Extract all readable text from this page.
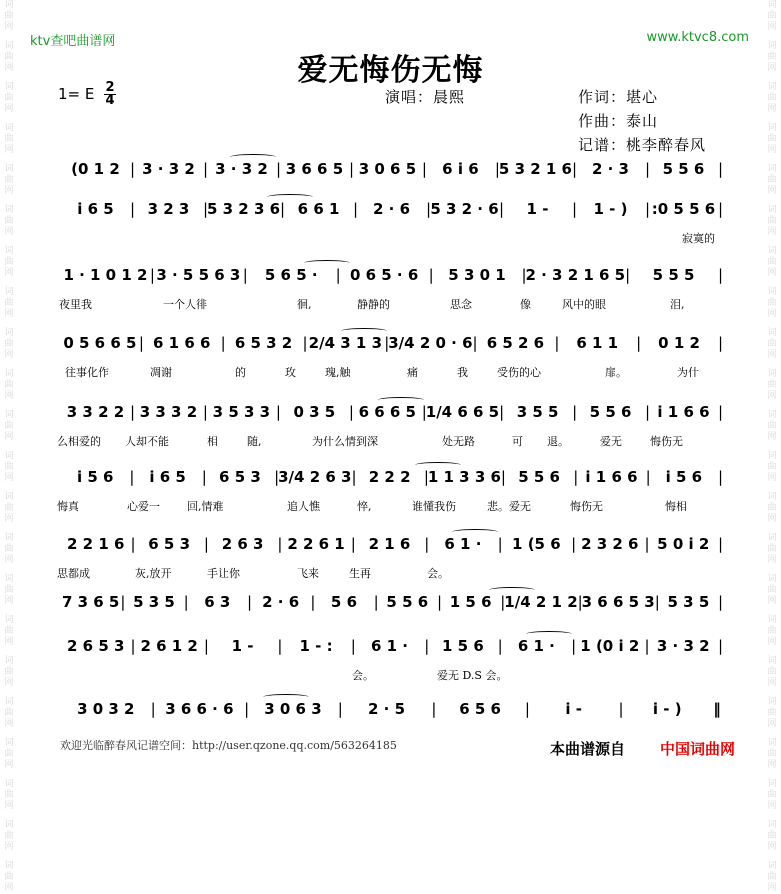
词曲网
词曲网
词曲网
词曲网
词曲网
词曲网
词曲网
词曲网
词曲网
词曲网
词曲网
词曲网
词曲网
词曲网
词曲网
词曲网
词曲网
词曲网
词曲网
词曲网
词曲网
词曲网
词曲网
词曲网
词曲网
词曲网
词曲网
词曲网
词曲网
词曲网
词曲网
词曲网
词曲网
词曲网
词曲网
词曲网
词曲网
词曲网
词曲网
词曲网
词曲网
词曲网
词曲网
词曲网
ktv查吧曲谱网	www.ktvc8.com
爱无悔伤无悔
1= E 2
4	演唱：晨熙	作词：堪心
作曲：泰山
记谱：桃李醉春风
(0 1 2 | 3 · 3 2 | 3 · 3 2 | 3 6 6 5 | 3 0 6 5 |	6 i 6	|
5 3 2 1 6 | 2 · 3	| 5 5 6 |
i 6 5	| 3 2 3 |
5 3 2 3 6 | 6 6 1 | 2 · 6	| 5 3 2 · 6 |	1 -	|	1 - )	| :0 5 5 6 |
寂寞的
1 · 1 0 1 2 | 3 · 5 5 6 3 |	5 6 5 ·	| 0 6 5 · 6 | 5 3 0 1	|
2 · 3 2 1 6 5 |	5 5 5	|
夜里我	一个人徘	徊,	静静的	思念	像	风中的眼	泪,
0 5 6 6 5 | 6 1 6 6 | 6 5 3 2 | 2/4 3 1 3 |
3/4 2 0 · 6 | 6 5 2 6 |	6 1 1	|	0 1 2	|
往事化作	凋谢	的	玫	瑰,触	痛	我	受伤的心	扉。	为什
3 3 2 2 | 3 3 3 2 | 3 5 3 3 | 0 3 5 | 6 6 6 5 |
1/4 6 6 5 | 3 5 5 | 5 5 6 | i 1 6 6 |
么相爱的 人却不能	相	随,	为什么情到深	处无路	可 退。	爱无	悔伤无
i 5 6	| i 6 5	| 6 5 3 |
3/4 2 6 3 | 2 2 2 |
1 1 3 3 6 | 5 5 6 | i 1 6 6 | i 5 6	|
悔真	心爱一 回,情难	追人憔	悴,	谁懂我伤	悲。爱无	悔伤无	悔相
2 2 1 6 | 6 5 3 | 2 6 3 | 2 2 6 1 | 2 1 6 |	6 1 ·	| 1 (5 6 | 2 3 2 6 | 5 0 i 2 |
思都成	灰,放开	手让你	飞来	生再	会。
7 3 6 5 | 5 3 5 |	6 3	| 2 · 6 |	5 6	| 5 5 6 | 1 5 6 |
1/4 2 1 2 |
3 6 6 5 3 | 5 3 5 |
2 6 5 3 | 2 6 1 2 |	1 -	|	1 - :	|	6 1 ·	| 1 5 6 |	6 1 ·	| 1 (0 i 2 | 3 · 3 2 |
会。	爱无 D.S 会。
3 0 3 2	| 3 6 6 · 6 |	3 0 6 3	|	2 · 5	|	6 5 6	|	i -	|	i - )	‖
欢迎光临醉春风记谱空间：http://user.qzone.qq.com/563264185	本曲谱源自 中国词曲网
